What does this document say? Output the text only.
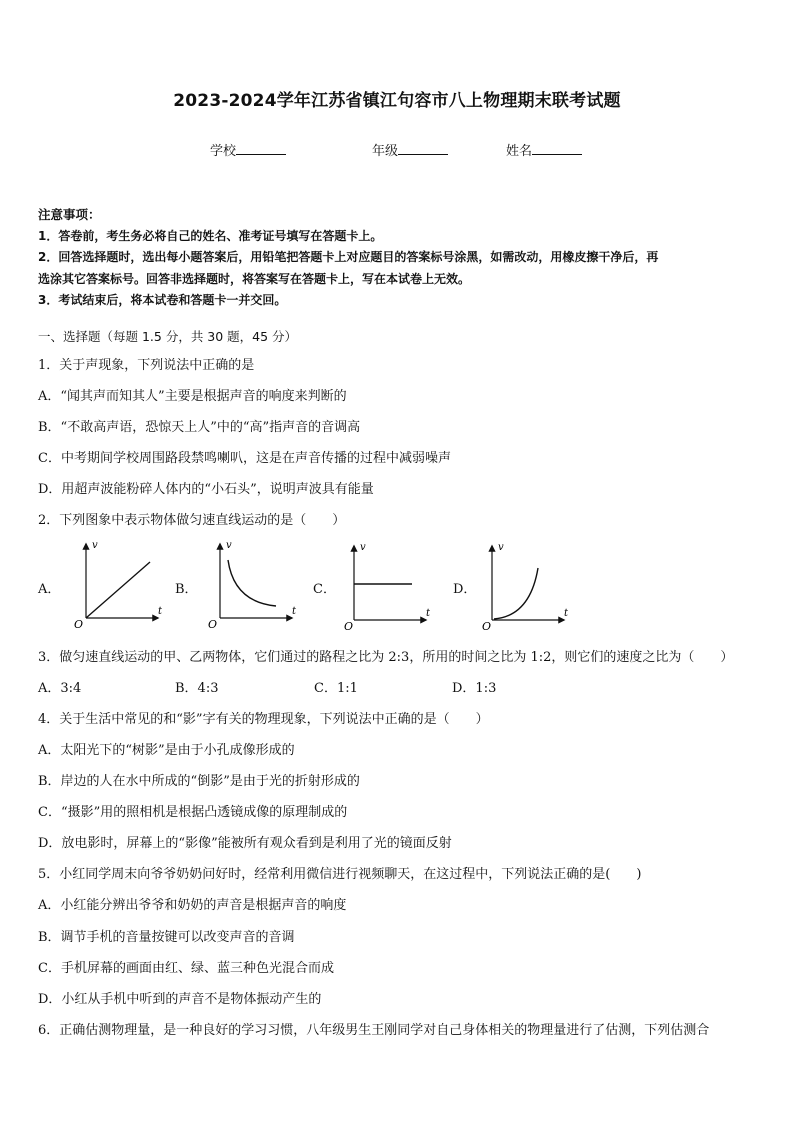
2023-2024学年江苏省镇江句容市八上物理期末联考试题
学校	年级	姓名
注意事项：
1．答卷前，考生务必将自己的姓名、准考证号填写在答题卡上。
2．回答选择题时，选出每小题答案后，用铅笔把答题卡上对应题目的答案标号涂黑，如需改动，用橡皮擦干净后，再
选涂其它答案标号。回答非选择题时，将答案写在答题卡上，写在本试卷上无效。
3．考试结束后，将本试卷和答题卡一并交回。
一、选择题（每题 1.5 分，共 30 题，45 分）
1．关于声现象，下列说法中正确的是
A．“闻其声而知其人”主要是根据声音的响度来判断的
B．“不敢高声语，恐惊天上人”中的“高”指声音的音调高
C．中考期间学校周围路段禁鸣喇叭，这是在声音传播的过程中减弱噪声
D．用超声波能粉碎人体内的“小石头”，说明声波具有能量
2．下列图象中表示物体做匀速直线运动的是（　　）
A．
v
t
O
B．
v
t
O
C．
v
t
O
D．
v
t
O
3．做匀速直线运动的甲、乙两物体，它们通过的路程之比为 2:3，所用的时间之比为 1:2，则它们的速度之比为（　　）
A．3:4	B．4:3	C．1:1	D．1:3
4．关于生活中常见的和“影”字有关的物理现象，下列说法中正确的是（　　）
A．太阳光下的“树影”是由于小孔成像形成的
B．岸边的人在水中所成的“倒影”是由于光的折射形成的
C．“摄影”用的照相机是根据凸透镜成像的原理制成的
D．放电影时，屏幕上的“影像”能被所有观众看到是利用了光的镜面反射
5．小红同学周末向爷爷奶奶问好时，经常利用微信进行视频聊天，在这过程中，下列说法正确的是(　　)
A．小红能分辨出爷爷和奶奶的声音是根据声音的响度
B．调节手机的音量按键可以改变声音的音调
C．手机屏幕的画面由红、绿、蓝三种色光混合而成
D．小红从手机中听到的声音不是物体振动产生的
6．正确估测物理量，是一种良好的学习习惯，八年级男生王刚同学对自己身体相关的物理量进行了估测，下列估测合
